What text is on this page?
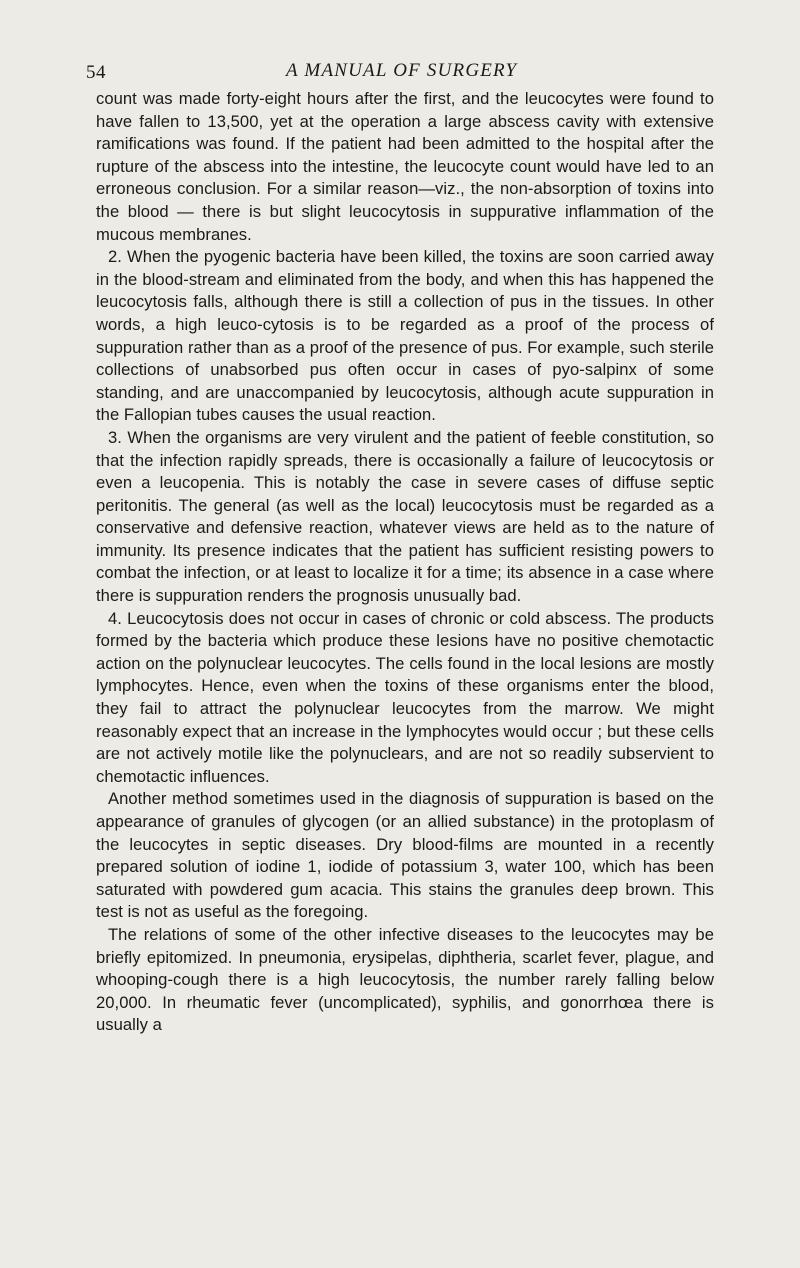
54	A MANUAL OF SURGERY

count was made forty-eight hours after the first, and the leucocytes were found to have fallen to 13,500, yet at the operation a large abscess cavity with extensive ramifications was found. If the patient had been admitted to the hospital after the rupture of the abscess into the intestine, the leucocyte count would have led to an erroneous conclusion. For a similar reason—viz., the non-absorption of toxins into the blood — there is but slight leucocytosis in suppurative inflammation of the mucous membranes.

2. When the pyogenic bacteria have been killed, the toxins are soon carried away in the blood-stream and eliminated from the body, and when this has happened the leucocytosis falls, although there is still a collection of pus in the tissues. In other words, a high leuco-cytosis is to be regarded as a proof of the process of suppuration rather than as a proof of the presence of pus. For example, such sterile collections of unabsorbed pus often occur in cases of pyo-salpinx of some standing, and are unaccompanied by leucocytosis, although acute suppuration in the Fallopian tubes causes the usual reaction.

3. When the organisms are very virulent and the patient of feeble constitution, so that the infection rapidly spreads, there is occasionally a failure of leucocytosis or even a leucopenia. This is notably the case in severe cases of diffuse septic peritonitis. The general (as well as the local) leucocytosis must be regarded as a conservative and defensive reaction, whatever views are held as to the nature of immunity. Its presence indicates that the patient has sufficient resisting powers to combat the infection, or at least to localize it for a time; its absence in a case where there is suppuration renders the prognosis unusually bad.

4. Leucocytosis does not occur in cases of chronic or cold abscess. The products formed by the bacteria which produce these lesions have no positive chemotactic action on the polynuclear leucocytes. The cells found in the local lesions are mostly lymphocytes. Hence, even when the toxins of these organisms enter the blood, they fail to attract the polynuclear leucocytes from the marrow. We might reasonably expect that an increase in the lymphocytes would occur ; but these cells are not actively motile like the polynuclears, and are not so readily subservient to chemotactic influences.

Another method sometimes used in the diagnosis of suppuration is based on the appearance of granules of glycogen (or an allied substance) in the protoplasm of the leucocytes in septic diseases. Dry blood-films are mounted in a recently prepared solution of iodine 1, iodide of potassium 3, water 100, which has been saturated with powdered gum acacia. This stains the granules deep brown. This test is not as useful as the foregoing.

The relations of some of the other infective diseases to the leucocytes may be briefly epitomized. In pneumonia, erysipelas, diphtheria, scarlet fever, plague, and whooping-cough there is a high leucocytosis, the number rarely falling below 20,000. In rheumatic fever (uncomplicated), syphilis, and gonorrhœa there is usually a
